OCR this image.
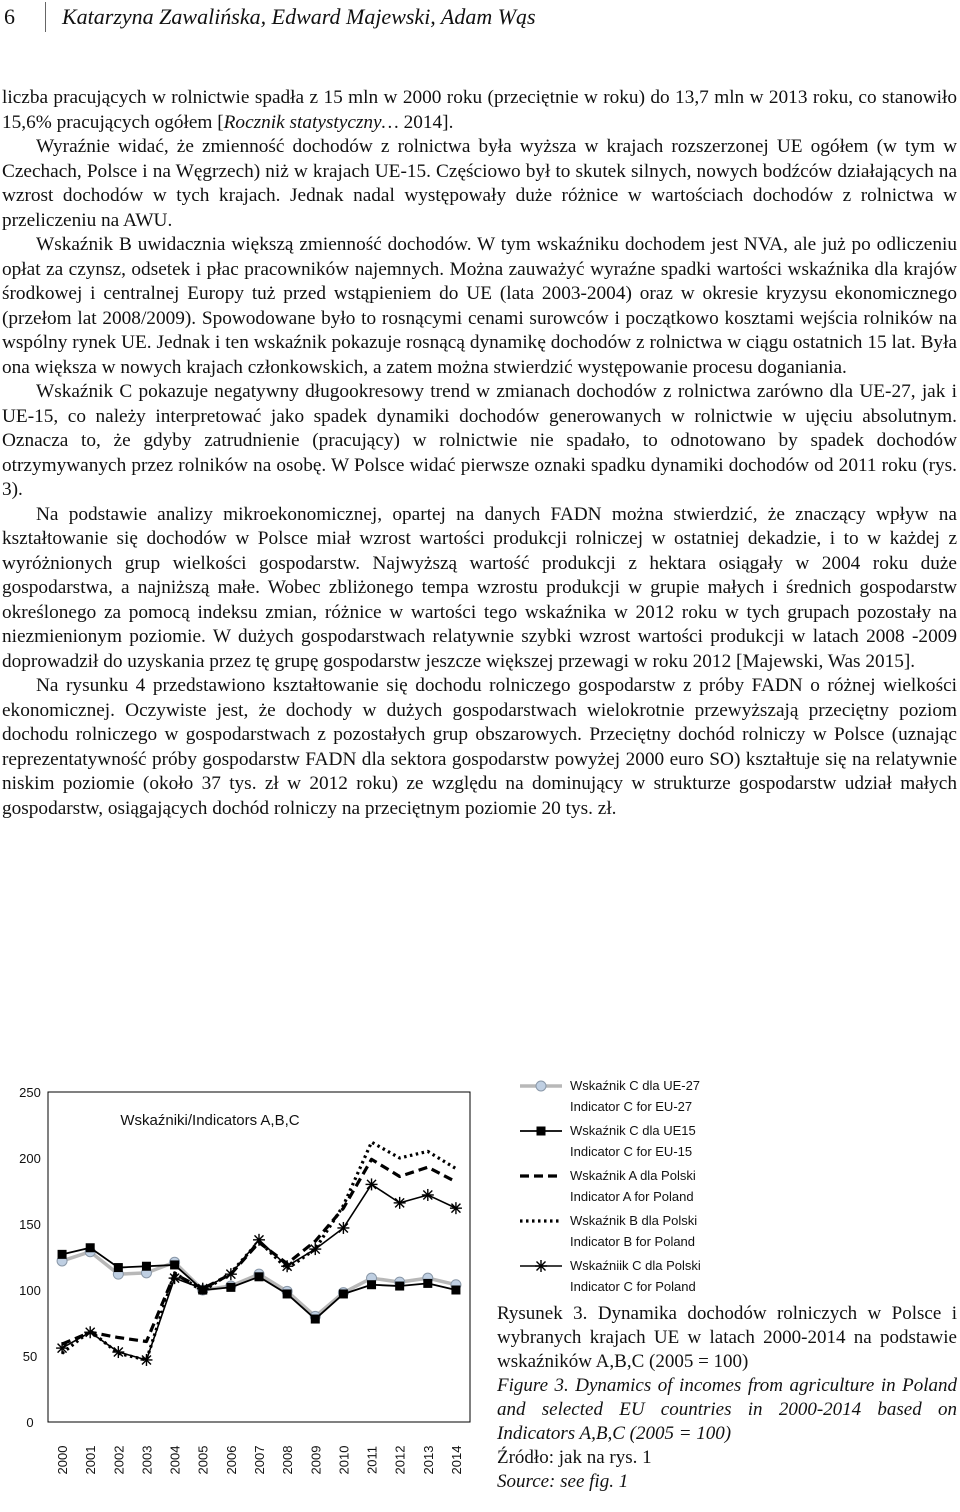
6 Katarzyna Zawalińska, Edward Majewski, Adam Wąs

liczba pracujących w rolnictwie spadła z 15 mln w 2000 roku (przeciętnie w roku) do 13,7 mln w 2013 roku, co stanowiło 15,6% pracujących ogółem [Rocznik statystyczny… 2014].

Wyraźnie widać, że zmienność dochodów z rolnictwa była wyższa w krajach rozszerzonej UE ogółem (w tym w Czechach, Polsce i na Węgrzech) niż w krajach UE-15. Częściowo był to skutek silnych, nowych bodźców działających na wzrost dochodów w tych krajach. Jednak nadal występowały duże różnice w wartościach dochodów z rolnictwa w przeliczeniu na AWU.

Wskaźnik B uwidacznia większą zmienność dochodów. W tym wskaźniku dochodem jest NVA, ale już po odliczeniu opłat za czynsz, odsetek i płac pracowników najemnych. Można zauważyć wyraźne spadki wartości wskaźnika dla krajów środkowej i centralnej Europy tuż przed wstąpieniem do UE (lata 2003-2004) oraz w okresie kryzysu ekonomicznego (przełom lat 2008/2009). Spowodowane było to rosnącymi cenami surowców i początkowo kosztami wejścia rolników na wspólny rynek UE. Jednak i ten wskaźnik pokazuje rosnącą dynamikę dochodów z rolnictwa w ciągu ostatnich 15 lat. Była ona większa w nowych krajach członkowskich, a zatem można stwierdzić występowanie procesu doganiania.

Wskaźnik C pokazuje negatywny długookresowy trend w zmianach dochodów z rolnictwa zarówno dla UE-27, jak i UE-15, co należy interpretować jako spadek dynamiki dochodów generowanych w rolnictwie w ujęciu absolutnym. Oznacza to, że gdyby zatrudnienie (pracujący) w rolnictwie nie spadało, to odnotowano by spadek dochodów otrzymywanych przez rolników na osobę. W Polsce widać pierwsze oznaki spadku dynamiki dochodów od 2011 roku (rys. 3).

Na podstawie analizy mikroekonomicznej, opartej na danych FADN można stwierdzić, że znaczący wpływ na kształtowanie się dochodów w Polsce miał wzrost wartości produkcji rolniczej w ostatniej dekadzie, i to w każdej z wyróżnionych grup wielkości gospodarstw. Najwyższą wartość produkcji z hektara osiągały w 2004 roku duże gospodarstwa, a najniższą małe. Wobec zbliżonego tempa wzrostu produkcji w grupie małych i średnich gospodarstw określonego za pomocą indeksu zmian, różnice w wartości tego wskaźnika w 2012 roku w tych grupach pozostały na niezmienionym poziomie. W dużych gospodarstwach relatywnie szybki wzrost wartości produkcji w latach 2008 -2009 doprowadził do uzyskania przez tę grupę gospodarstw jeszcze większej przewagi w roku 2012 [Majewski, Was 2015].

Na rysunku 4 przedstawiono kształtowanie się dochodu rolniczego gospodarstw z próby FADN o różnej wielkości ekonomicznej. Oczywiste jest, że dochody w dużych gospodarstwach wielokrotnie przewyższają przeciętny poziom dochodu rolniczego w gospodarstwach z pozostałych grup obszarowych. Przeciętny dochód rolniczy w Polsce (uznając reprezentatywność próby gospodarstw FADN dla sektora gospodarstw powyżej 2000 euro SO) kształtuje się na relatywnie niskim poziomie (około 37 tys. zł w 2012 roku) ze względu na dominujący w strukturze gospodarstw udział małych gospodarstw, osiągających dochód rolniczy na przeciętnym poziomie 20 tys. zł.

0
50
100
150
200
250
2000 2001 2002 2003 2004 2005 2006 2007 2008 2009 2010 2011 2012 2013 2014
Wskaźniki/Indicators A,B,C
Wskaźnik C dla UE-27
Indicator C for EU-27
Wskaźnik C dla UE15
Indicator C for EU-15
Wskaźnik A dla Polski
Indicator A for Poland
Wskaźnik B dla Polski
Indicator B for Poland
Wskaźniik C dla Polski
Indicator C for Poland

Rysunek 3. Dynamika dochodów rolniczych w Polsce i wybranych krajach UE w latach 2000-2014 na podstawie wskaźników A,B,C (2005 = 100)

Figure 3. Dynamics of incomes from agriculture in Poland and selected EU countries in 2000-2014 based on Indicators A,B,C (2005 = 100)

Źródło: jak na rys. 1

Source: see fig. 1
